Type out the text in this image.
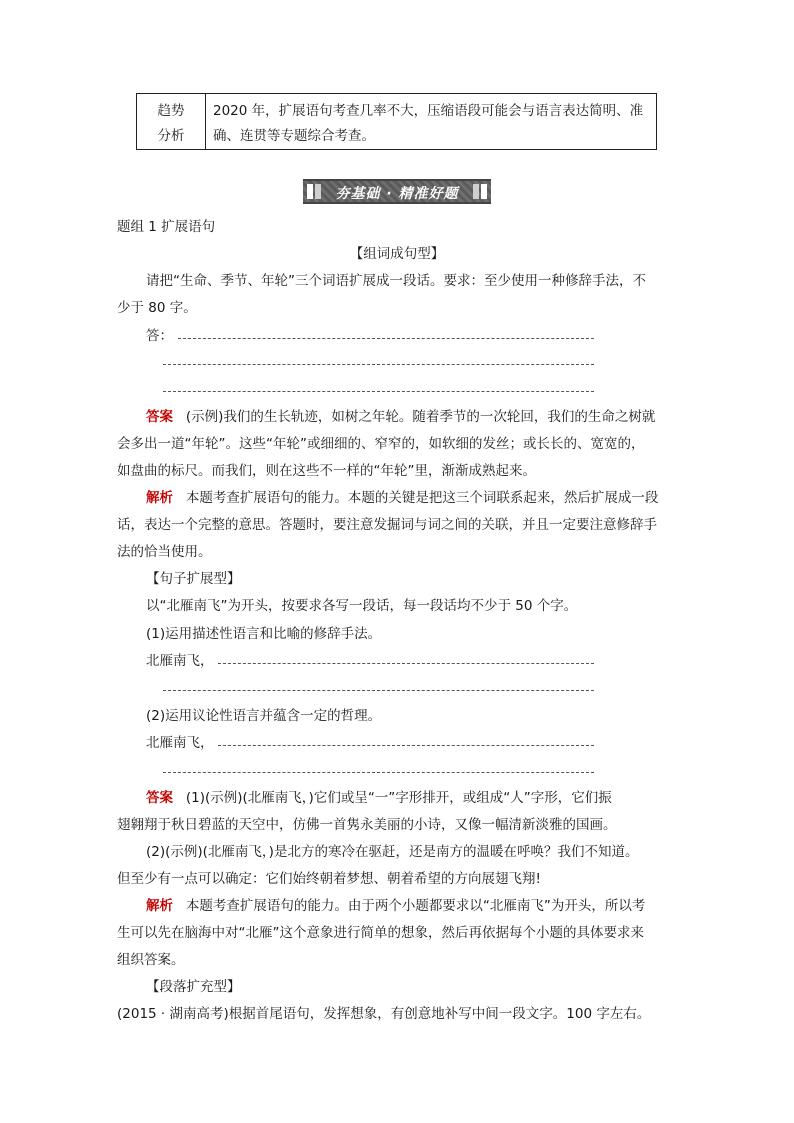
趋势
分析
2020 年，扩展语句考查几率不大，压缩语段可能会与语言表达简明、准
确、连贯等专题综合考查。
夯基础 · 精准好题
题组 1 扩展语句
【组词成句型】
请把“生命、季节、年轮”三个词语扩展成一段话。要求：至少使用一种修辞手法，不
少于 80 字。
答：
答案 (示例)我们的生长轨迹，如树之年轮。随着季节的一次轮回，我们的生命之树就
会多出一道“年轮”。这些“年轮”或细细的、窄窄的，如软细的发丝；或长长的、宽宽的，
如盘曲的标尺。而我们，则在这些不一样的“年轮”里，渐渐成熟起来。
解析 本题考查扩展语句的能力。本题的关键是把这三个词联系起来，然后扩展成一段
话，表达一个完整的意思。答题时，要注意发掘词与词之间的关联，并且一定要注意修辞手
法的恰当使用。
【句子扩展型】
以“北雁南飞”为开头，按要求各写一段话，每一段话均不少于 50 个字。
(1)运用描述性语言和比喻的修辞手法。
北雁南飞，
(2)运用议论性语言并蕴含一定的哲理。
北雁南飞，
答案 (1)(示例)(北雁南飞，)它们或呈“一”字形排开，或组成“人”字形，它们振
翅翱翔于秋日碧蓝的天空中，仿佛一首隽永美丽的小诗，又像一幅清新淡雅的国画。
(2)(示例)(北雁南飞，)是北方的寒冷在驱赶，还是南方的温暖在呼唤？我们不知道。
但至少有一点可以确定：它们始终朝着梦想、朝着希望的方向展翅飞翔!
解析 本题考查扩展语句的能力。由于两个小题都要求以“北雁南飞”为开头，所以考
生可以先在脑海中对“北雁”这个意象进行简单的想象，然后再依据每个小题的具体要求来
组织答案。
【段落扩充型】
(2015 · 湖南高考)根据首尾语句，发挥想象，有创意地补写中间一段文字。100 字左右。
